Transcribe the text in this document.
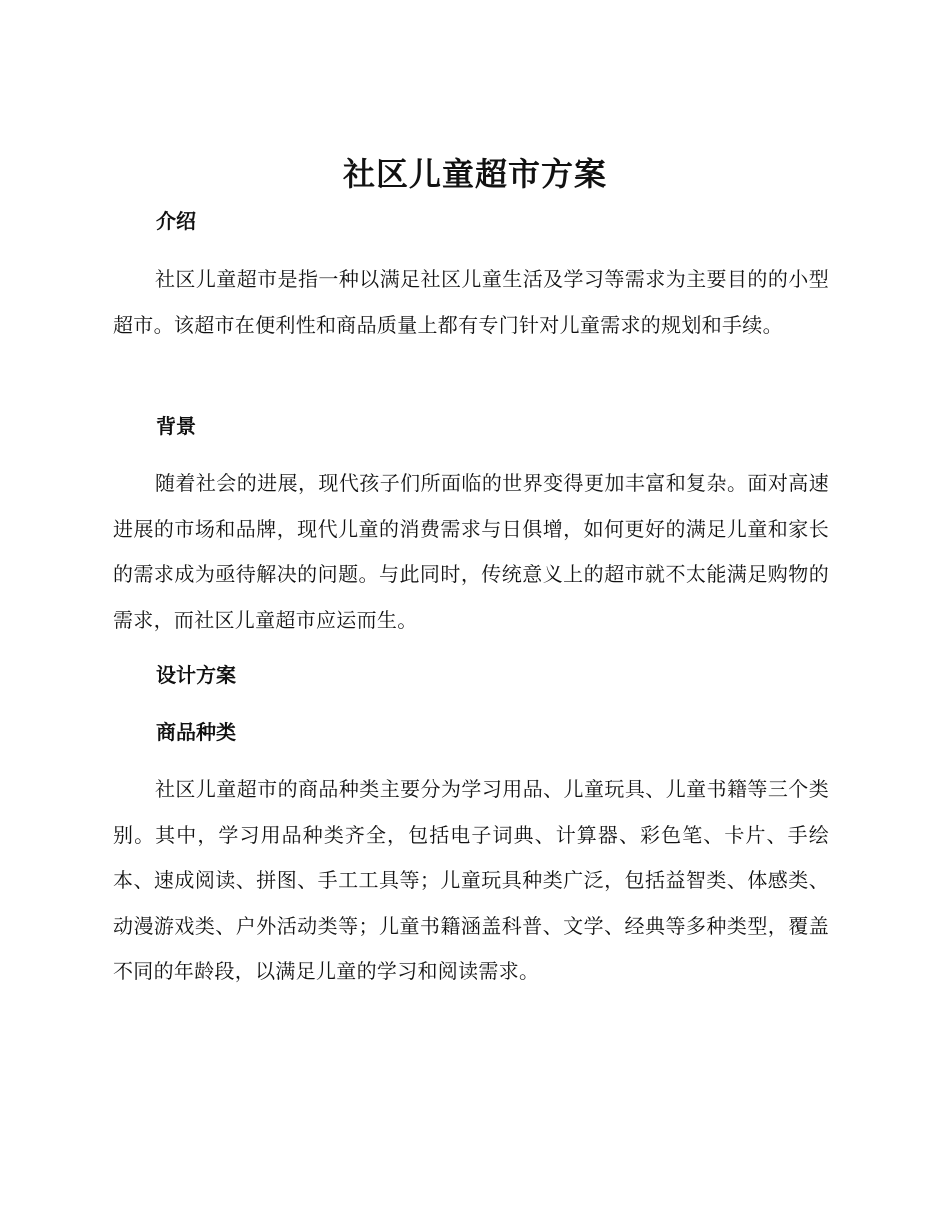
社区儿童超市方案
介绍

社区儿童超市是指一种以满足社区儿童生活及学习等需求为主要目的的小型超市。该超市在便利性和商品质量上都有专门针对儿童需求的规划和手续。

背景

随着社会的进展，现代孩子们所面临的世界变得更加丰富和复杂。面对高速进展的市场和品牌，现代儿童的消费需求与日俱增，如何更好的满足儿童和家长的需求成为亟待解决的问题。与此同时，传统意义上的超市就不太能满足购物的需求，而社区儿童超市应运而生。

设计方案
商品种类

社区儿童超市的商品种类主要分为学习用品、儿童玩具、儿童书籍等三个类别。其中，学习用品种类齐全，包括电子词典、计算器、彩色笔、卡片、手绘本、速成阅读、拼图、手工工具等；儿童玩具种类广泛，包括益智类、体感类、动漫游戏类、户外活动类等；儿童书籍涵盖科普、文学、经典等多种类型，覆盖不同的年龄段，以满足儿童的学习和阅读需求。
